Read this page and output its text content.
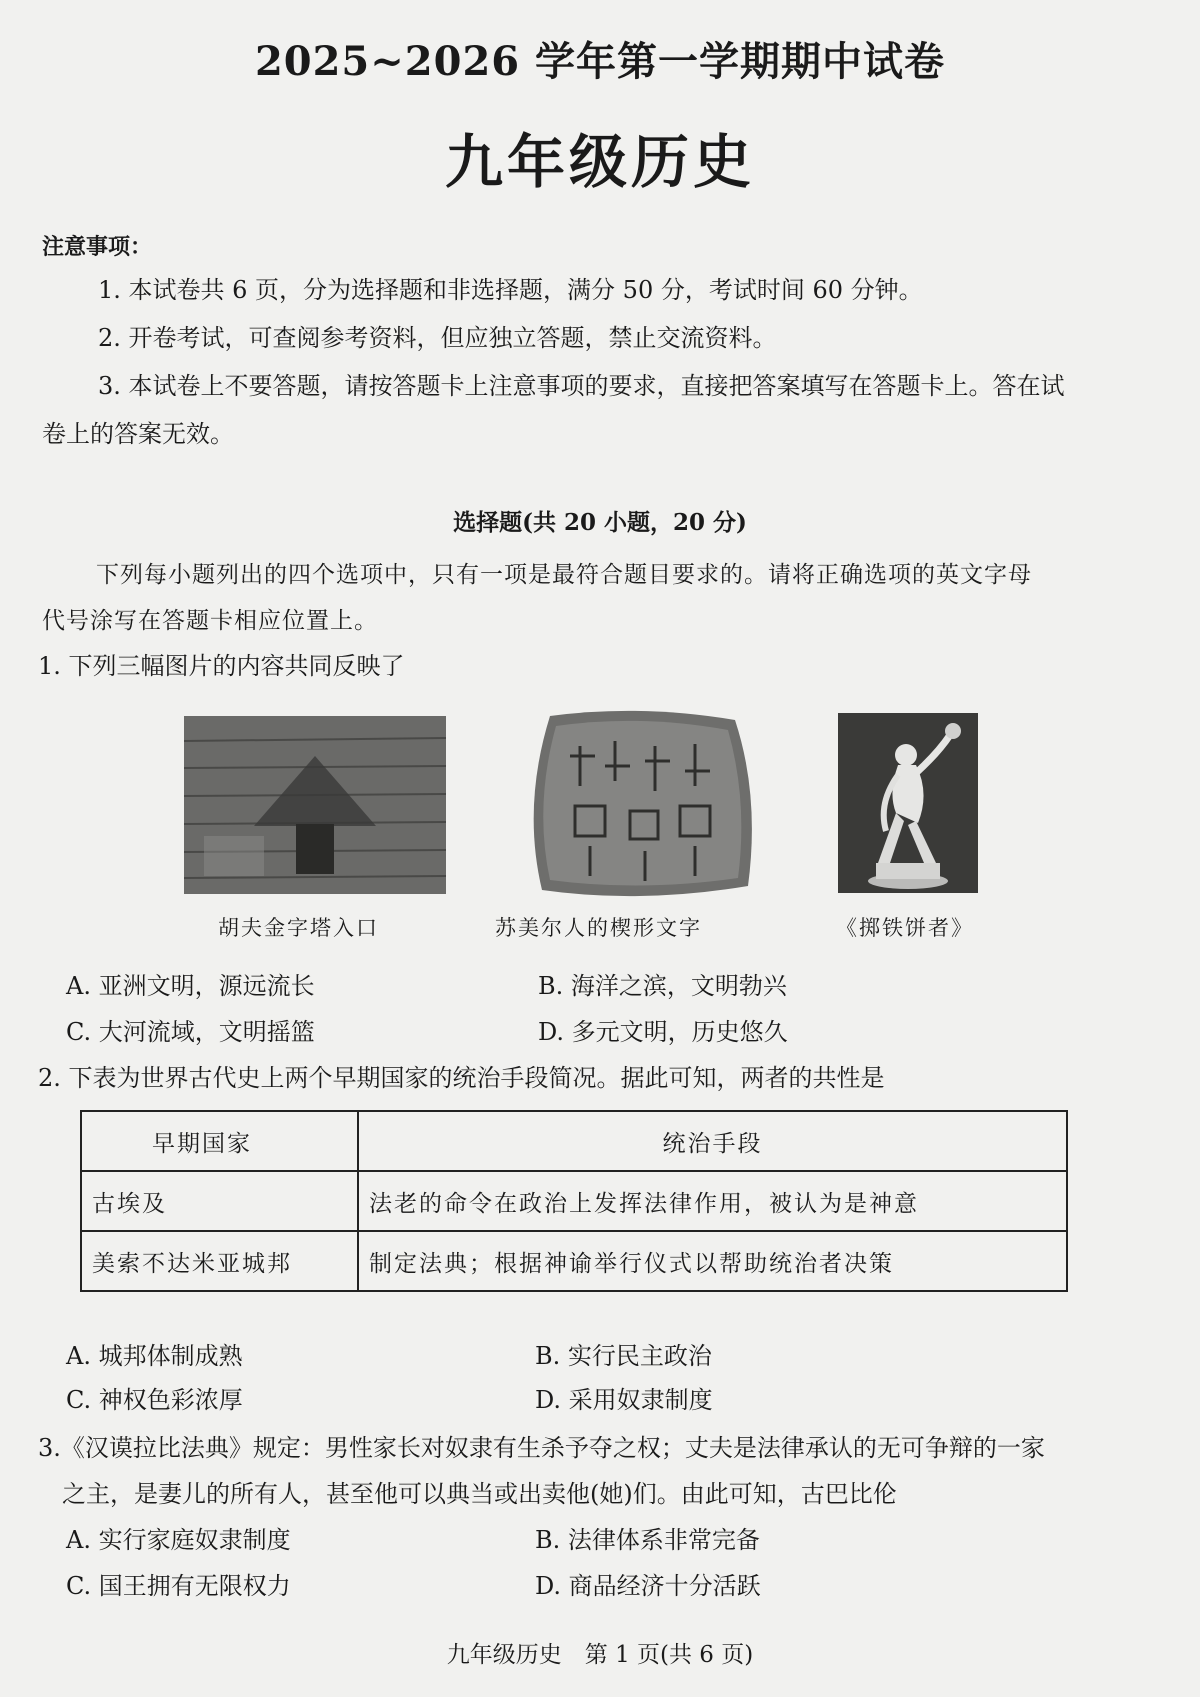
2025~2026 学年第一学期期中试卷
九年级历史
注意事项：
1. 本试卷共 6 页，分为选择题和非选择题，满分 50 分，考试时间 60 分钟。
2. 开卷考试，可查阅参考资料，但应独立答题，禁止交流资料。
3. 本试卷上不要答题，请按答题卡上注意事项的要求，直接把答案填写在答题卡上。答在试
卷上的答案无效。
选择题(共 20 小题，20 分)
下列每小题列出的四个选项中，只有一项是最符合题目要求的。请将正确选项的英文字母
代号涂写在答题卡相应位置上。
1. 下列三幅图片的内容共同反映了
胡夫金字塔入口	苏美尔人的楔形文字	《掷铁饼者》
A. 亚洲文明，源远流长	B. 海洋之滨，文明勃兴
C. 大河流域，文明摇篮	D. 多元文明，历史悠久
2. 下表为世界古代史上两个早期国家的统治手段简况。据此可知，两者的共性是
早期国家	统治手段
古埃及	法老的命令在政治上发挥法律作用，被认为是神意
美索不达米亚城邦	制定法典；根据神谕举行仪式以帮助统治者决策
A. 城邦体制成熟	B. 实行民主政治
C. 神权色彩浓厚	D. 采用奴隶制度
3.《汉谟拉比法典》规定：男性家长对奴隶有生杀予夺之权；丈夫是法律承认的无可争辩的一家
之主，是妻儿的所有人，甚至他可以典当或出卖他(她)们。由此可知，古巴比伦
A. 实行家庭奴隶制度	B. 法律体系非常完备
C. 国王拥有无限权力	D. 商品经济十分活跃
九年级历史　第 1 页(共 6 页)
